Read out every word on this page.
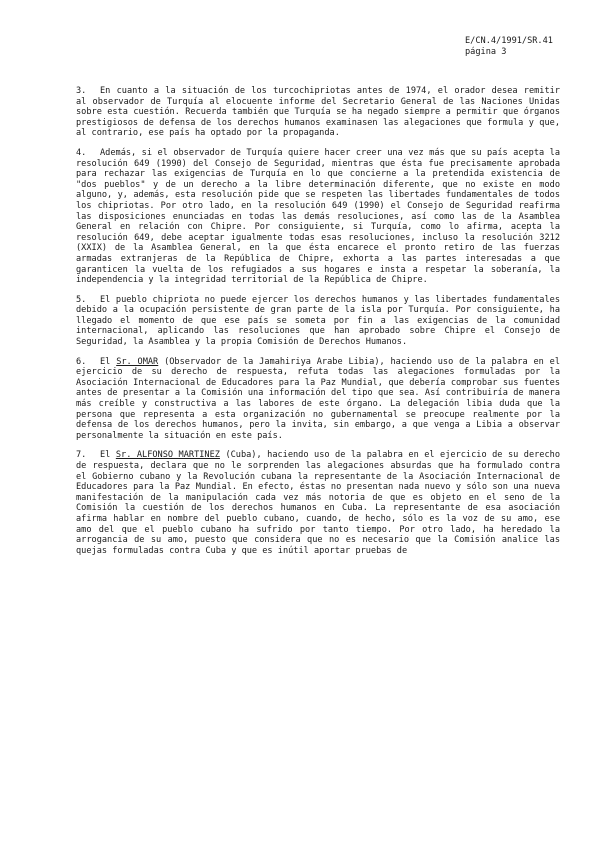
E/CN.4/1991/SR.41
página 3

3. En cuanto a la situación de los turcochipriotas antes de 1974, el orador desea remitir al observador de Turquía al elocuente informe del Secretario General de las Naciones Unidas sobre esta cuestión. Recuerda también que Turquía se ha negado siempre a permitir que órganos prestigiosos de defensa de los derechos humanos examinasen las alegaciones que formula y que, al contrario, ese país ha optado por la propaganda.

4. Además, si el observador de Turquía quiere hacer creer una vez más que su país acepta la resolución 649 (1990) del Consejo de Seguridad, mientras que ésta fue precisamente aprobada para rechazar las exigencias de Turquía en lo que concierne a la pretendida existencia de "dos pueblos" y de un derecho a la libre determinación diferente, que no existe en modo alguno, y, además, esta resolución pide que se respeten las libertades fundamentales de todos los chipriotas. Por otro lado, en la resolución 649 (1990) el Consejo de Seguridad reafirma las disposiciones enunciadas en todas las demás resoluciones, así como las de la Asamblea General en relación con Chipre. Por consiguiente, si Turquía, como lo afirma, acepta la resolución 649, debe aceptar igualmente todas esas resoluciones, incluso la resolución 3212 (XXIX) de la Asamblea General, en la que ésta encarece el pronto retiro de las fuerzas armadas extranjeras de la República de Chipre, exhorta a las partes interesadas a que garanticen la vuelta de los refugiados a sus hogares e insta a respetar la soberanía, la independencia y la integridad territorial de la República de Chipre.

5. El pueblo chipriota no puede ejercer los derechos humanos y las libertades fundamentales debido a la ocupación persistente de gran parte de la isla por Turquía. Por consiguiente, ha llegado el momento de que ese país se someta por fin a las exigencias de la comunidad internacional, aplicando las resoluciones que han aprobado sobre Chipre el Consejo de Seguridad, la Asamblea y la propia Comisión de Derechos Humanos.

6. El Sr. OMAR (Observador de la Jamahiriya Arabe Libia), haciendo uso de la palabra en el ejercicio de su derecho de respuesta, refuta todas las alegaciones formuladas por la Asociación Internacional de Educadores para la Paz Mundial, que debería comprobar sus fuentes antes de presentar a la Comisión una información del tipo que sea. Así contribuiría de manera más creíble y constructiva a las labores de este órgano. La delegación libia duda que la persona que representa a esta organización no gubernamental se preocupe realmente por la defensa de los derechos humanos, pero la invita, sin embargo, a que venga a Libia a observar personalmente la situación en este país.

7. El Sr. ALFONSO MARTINEZ (Cuba), haciendo uso de la palabra en el ejercicio de su derecho de respuesta, declara que no le sorprenden las alegaciones absurdas que ha formulado contra el Gobierno cubano y la Revolución cubana la representante de la Asociación Internacional de Educadores para la Paz Mundial. En efecto, éstas no presentan nada nuevo y sólo son una nueva manifestación de la manipulación cada vez más notoria de que es objeto en el seno de la Comisión la cuestión de los derechos humanos en Cuba. La representante de esa asociación afirma hablar en nombre del pueblo cubano, cuando, de hecho, sólo es la voz de su amo, ese amo del que el pueblo cubano ha sufrido por tanto tiempo. Por otro lado, ha heredado la arrogancia de su amo, puesto que considera que no es necesario que la Comisión analice las quejas formuladas contra Cuba y que es inútil aportar pruebas de
